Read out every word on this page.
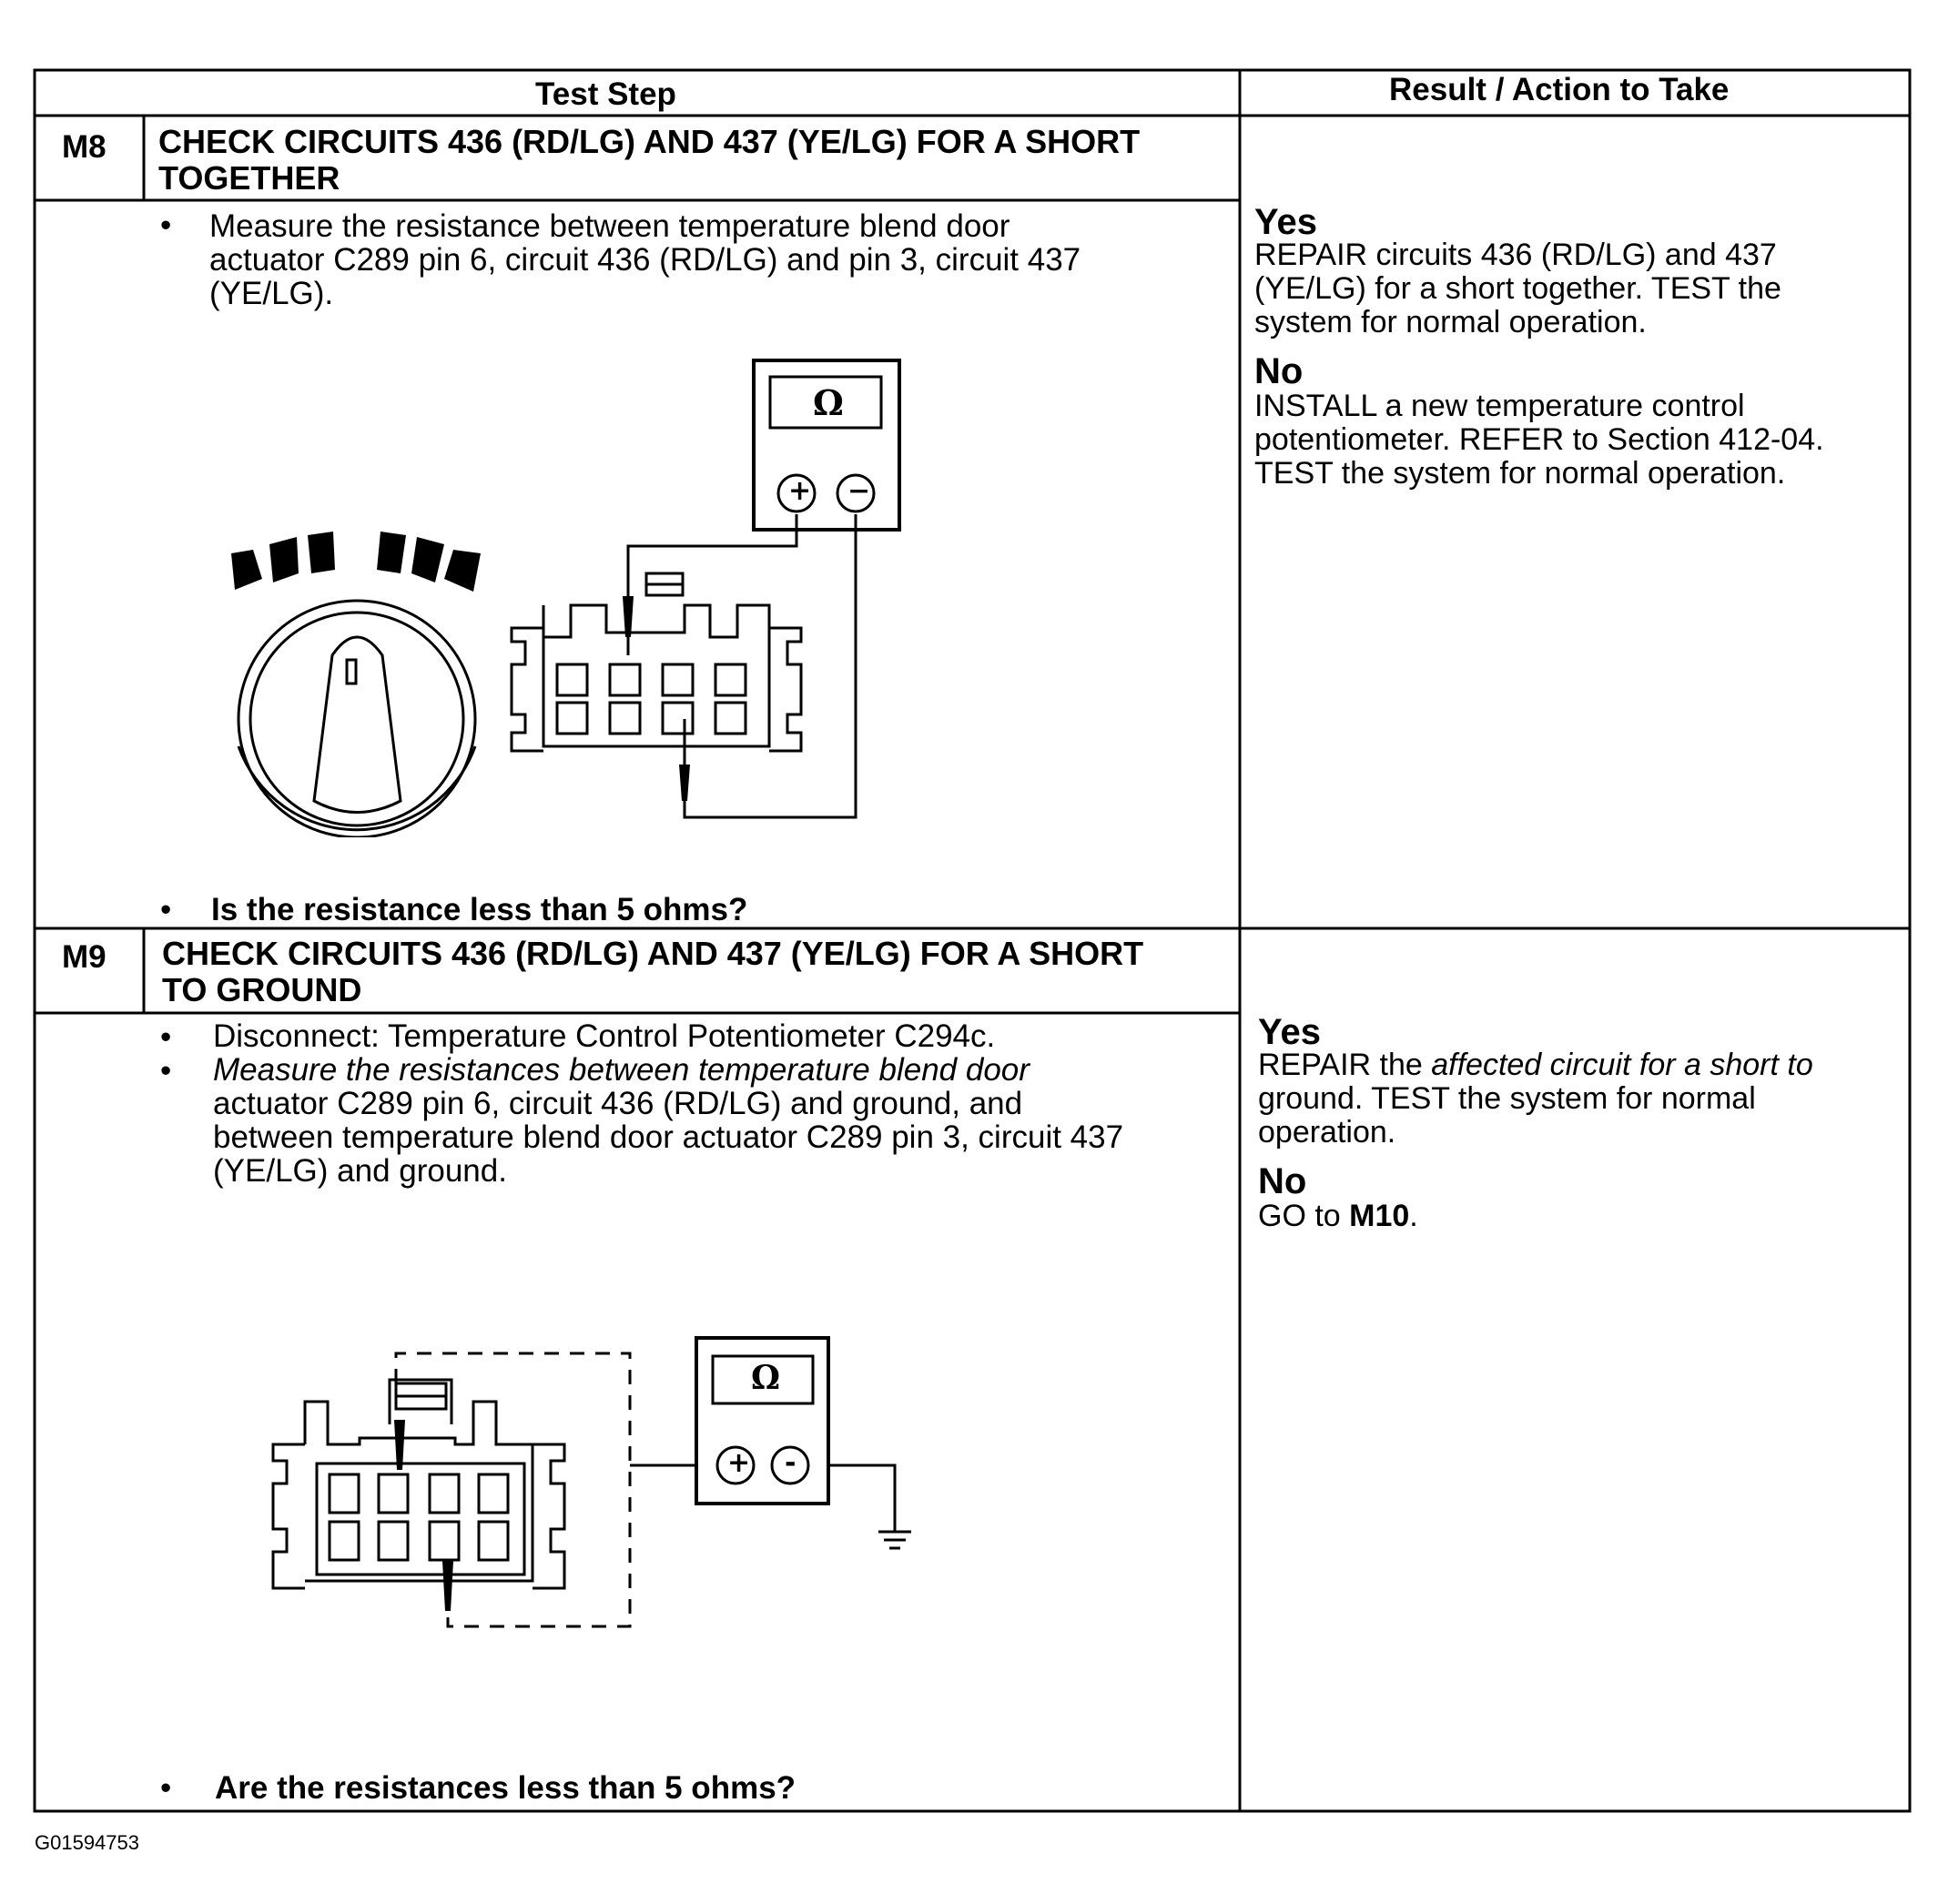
Test Step	Result / Action to Take
M8 CHECK CIRCUITS 436 (RD/LG) AND 437 (YE/LG) FOR A SHORT
TOGETHER
• Measure the resistance between temperature blend door
actuator C289 pin 6, circuit 436 (RD/LG) and pin 3, circuit 437
(YE/LG).
Ω
+ −
• Is the resistance less than 5 ohms?
Yes
REPAIR circuits 436 (RD/LG) and 437
(YE/LG) for a short together. TEST the
system for normal operation.
No
INSTALL a new temperature control
potentiometer. REFER to Section 412-04.
TEST the system for normal operation.
M9 CHECK CIRCUITS 436 (RD/LG) AND 437 (YE/LG) FOR A SHORT
TO GROUND
• Disconnect: Temperature Control Potentiometer C294c.
• Measure the resistances between temperature blend door
actuator C289 pin 6, circuit 436 (RD/LG) and ground, and
between temperature blend door actuator C289 pin 3, circuit 437
(YE/LG) and ground.
Ω
+ -
• Are the resistances less than 5 ohms?
Yes
REPAIR the affected circuit for a short to
ground. TEST the system for normal
operation.
No
GO to M10.
G01594753
